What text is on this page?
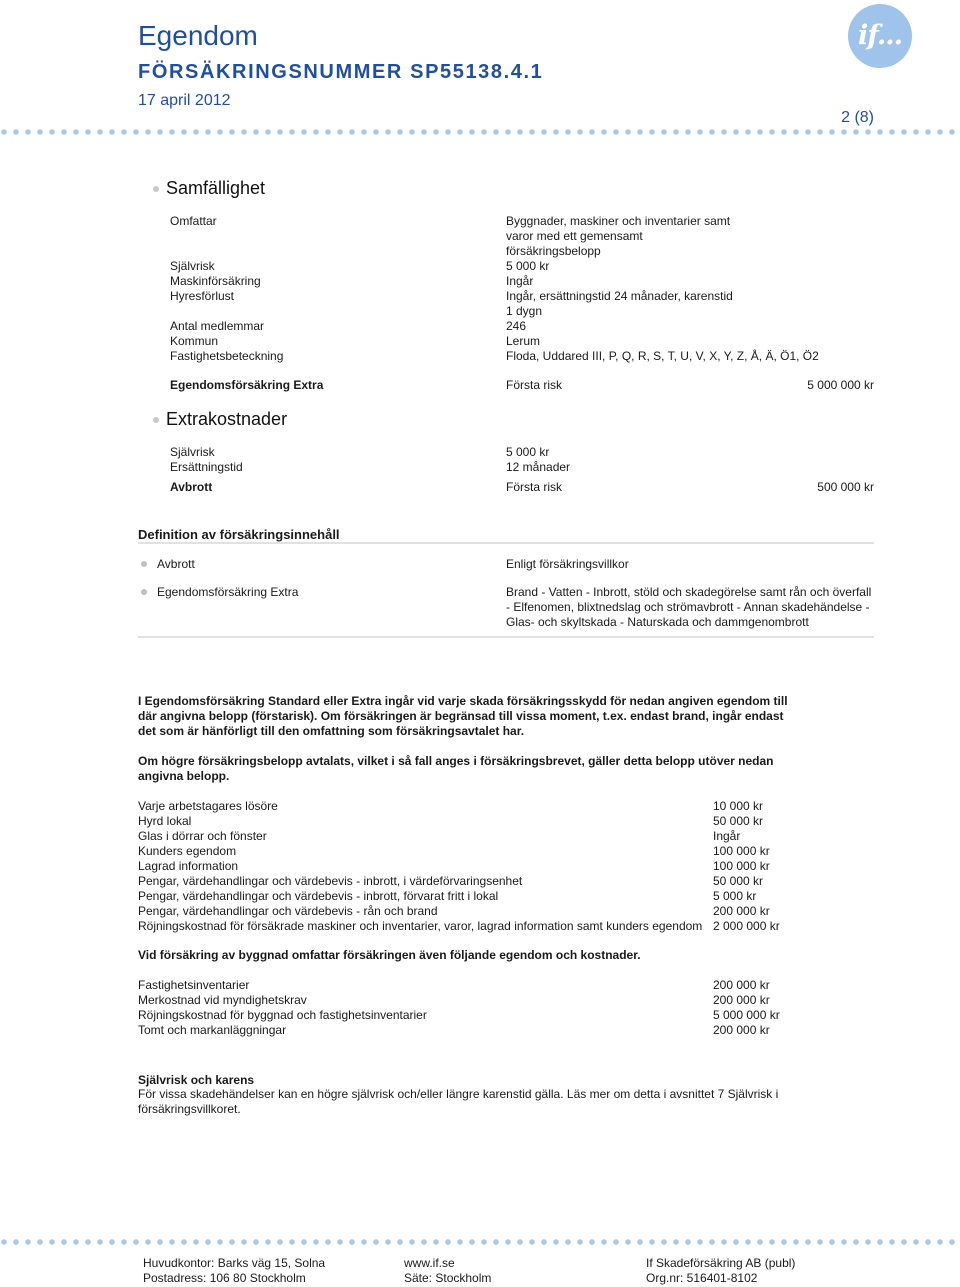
Egendom
FÖRSÄKRINGSNUMMER SP55138.4.1
17 april 2012
2 (8)
if...
Samfällighet
Omfattar	Byggnader, maskiner och inventarier samt
varor med ett gemensamt
försäkringsbelopp
Självrisk	5 000 kr
Maskinförsäkring	Ingår
Hyresförlust	Ingår, ersättningstid 24 månader, karenstid
1 dygn
Antal medlemmar	246
Kommun	Lerum
Fastighetsbeteckning	Floda, Uddared III, P, Q, R, S, T, U, V, X, Y, Z, Å, Ä, Ö1, Ö2
Egendomsförsäkring Extra	Första risk	5 000 000 kr
Extrakostnader
Självrisk	5 000 kr
Ersättningstid	12 månader
Avbrott	Första risk	500 000 kr
Definition av försäkringsinnehåll
Avbrott	Enligt försäkringsvillkor
Egendomsförsäkring Extra	Brand - Vatten - Inbrott, stöld och skadegörelse samt rån och överfall
- Elfenomen, blixtnedslag och strömavbrott - Annan skadehändelse -
Glas- och skyltskada - Naturskada och dammgenombrott
I Egendomsförsäkring Standard eller Extra ingår vid varje skada försäkringsskydd för nedan angiven egendom till där angivna belopp (förstarisk). Om försäkringen är begränsad till vissa moment, t.ex. endast brand, ingår endast det som är hänförligt till den omfattning som försäkringsavtalet har.
Om högre försäkringsbelopp avtalats, vilket i så fall anges i försäkringsbrevet, gäller detta belopp utöver nedan angivna belopp.
Varje arbetstagares lösöre	10 000 kr
Hyrd lokal	50 000 kr
Glas i dörrar och fönster	Ingår
Kunders egendom	100 000 kr
Lagrad information	100 000 kr
Pengar, värdehandlingar och värdebevis - inbrott, i värdeförvaringsenhet	50 000 kr
Pengar, värdehandlingar och värdebevis - inbrott, förvarat fritt i lokal	5 000 kr
Pengar, värdehandlingar och värdebevis - rån och brand	200 000 kr
Röjningskostnad för försäkrade maskiner och inventarier, varor, lagrad information samt kunders egendom 2 000 000 kr
Vid försäkring av byggnad omfattar försäkringen även följande egendom och kostnader.
Fastighetsinventarier	200 000 kr
Merkostnad vid myndighetskrav	200 000 kr
Röjningskostnad för byggnad och fastighetsinventarier	5 000 000 kr
Tomt och markanläggningar	200 000 kr
Självrisk och karens
För vissa skadehändelser kan en högre självrisk och/eller längre karenstid gälla. Läs mer om detta i avsnittet 7 Självrisk i försäkringsvillkoret.
Huvudkontor: Barks väg 15, Solna
Postadress: 106 80 Stockholm
www.if.se
Säte: Stockholm
If Skadeförsäkring AB (publ)
Org.nr: 516401-8102
